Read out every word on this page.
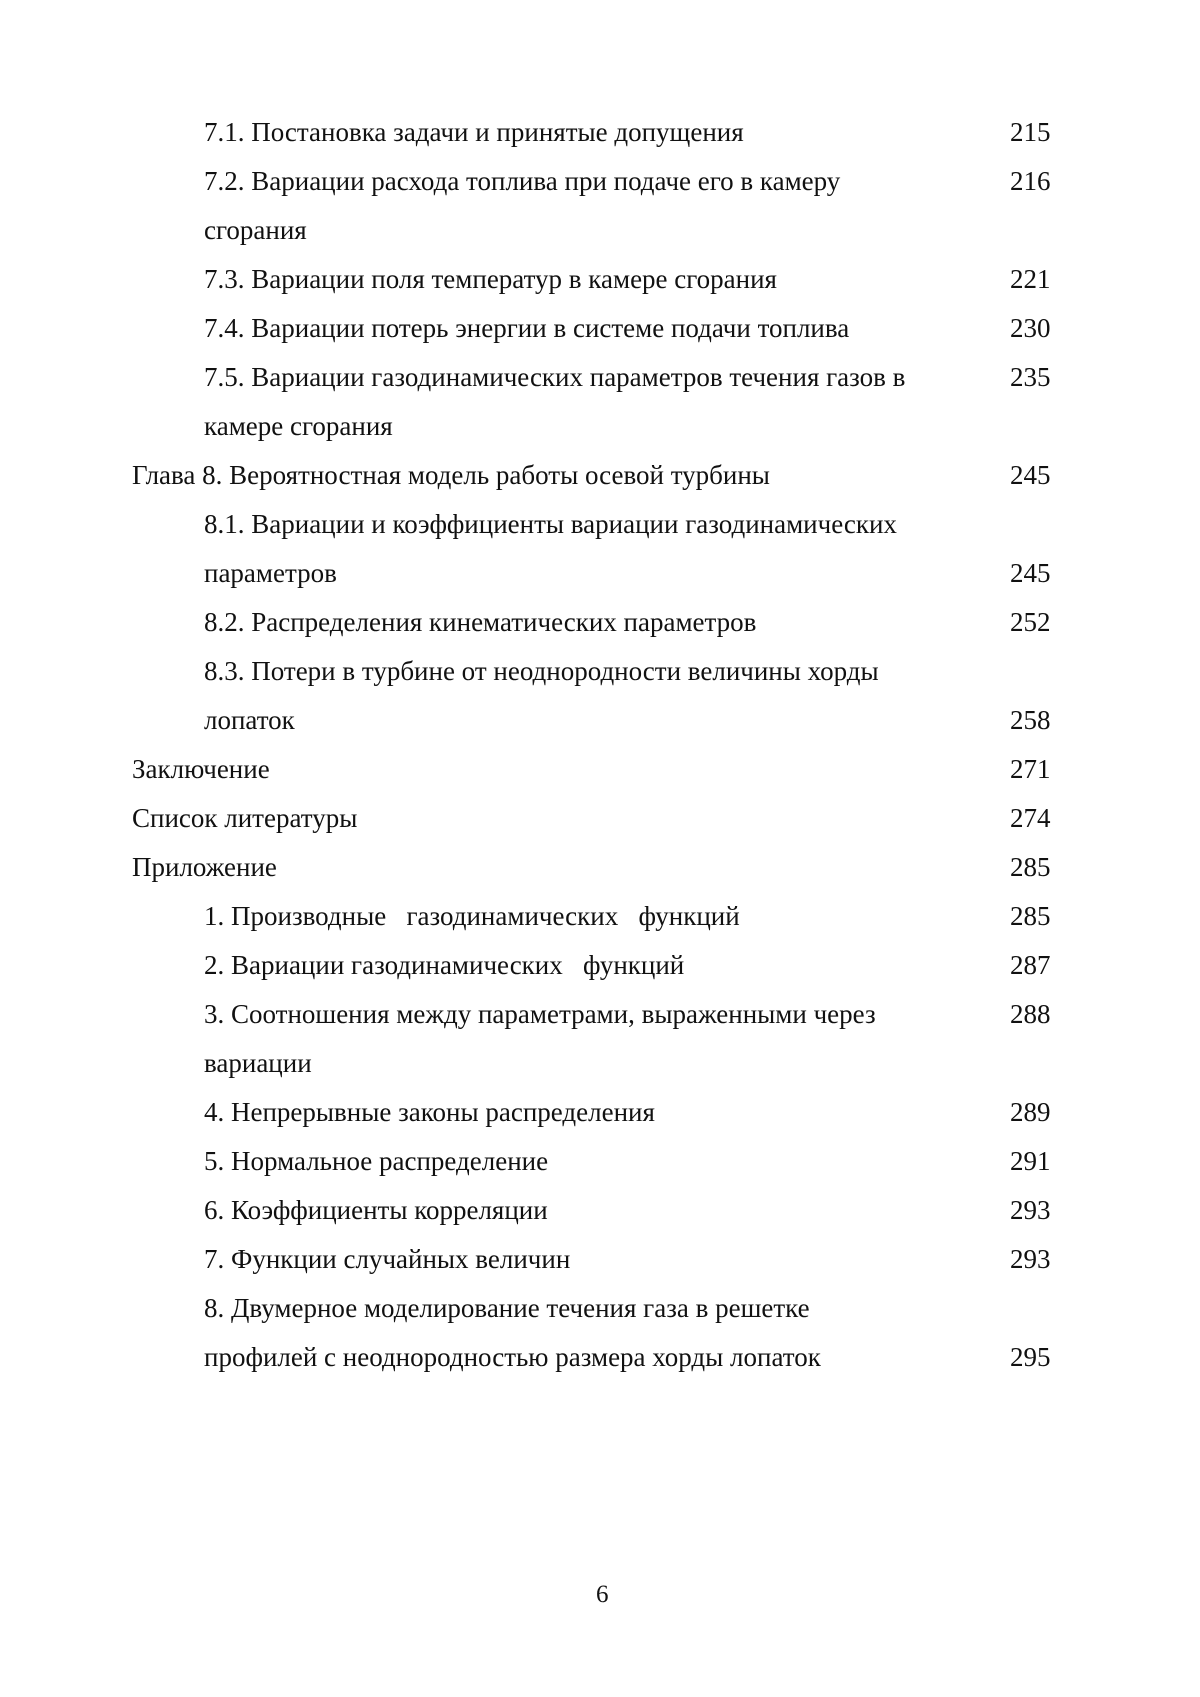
7.1. Постановка задачи и принятые допущения	215
7.2. Вариации расхода топлива при подаче его в камеру	216
сгорания
7.3. Вариации поля температур в камере сгорания	221
7.4. Вариации потерь энергии в системе подачи топлива	230
7.5. Вариации газодинамических параметров течения газов в	235
камере сгорания
Глава 8. Вероятностная модель работы осевой турбины	245
8.1. Вариации и коэффициенты вариации газодинамических
параметров	245
8.2. Распределения кинематических параметров	252
8.3. Потери в турбине от неоднородности величины хорды
лопаток	258
Заключение	271
Список литературы	274
Приложение	285
1. Производные   газодинамических   функций	285
2. Вариации газодинамических   функций	287
3. Соотношения между параметрами, выраженными через	288
вариации
4. Непрерывные законы распределения	289
5. Нормальное распределение	291
6. Коэффициенты корреляции	293
7. Функции случайных величин	293
8. Двумерное моделирование течения газа в решетке
профилей с неоднородностью размера хорды лопаток	295
6
